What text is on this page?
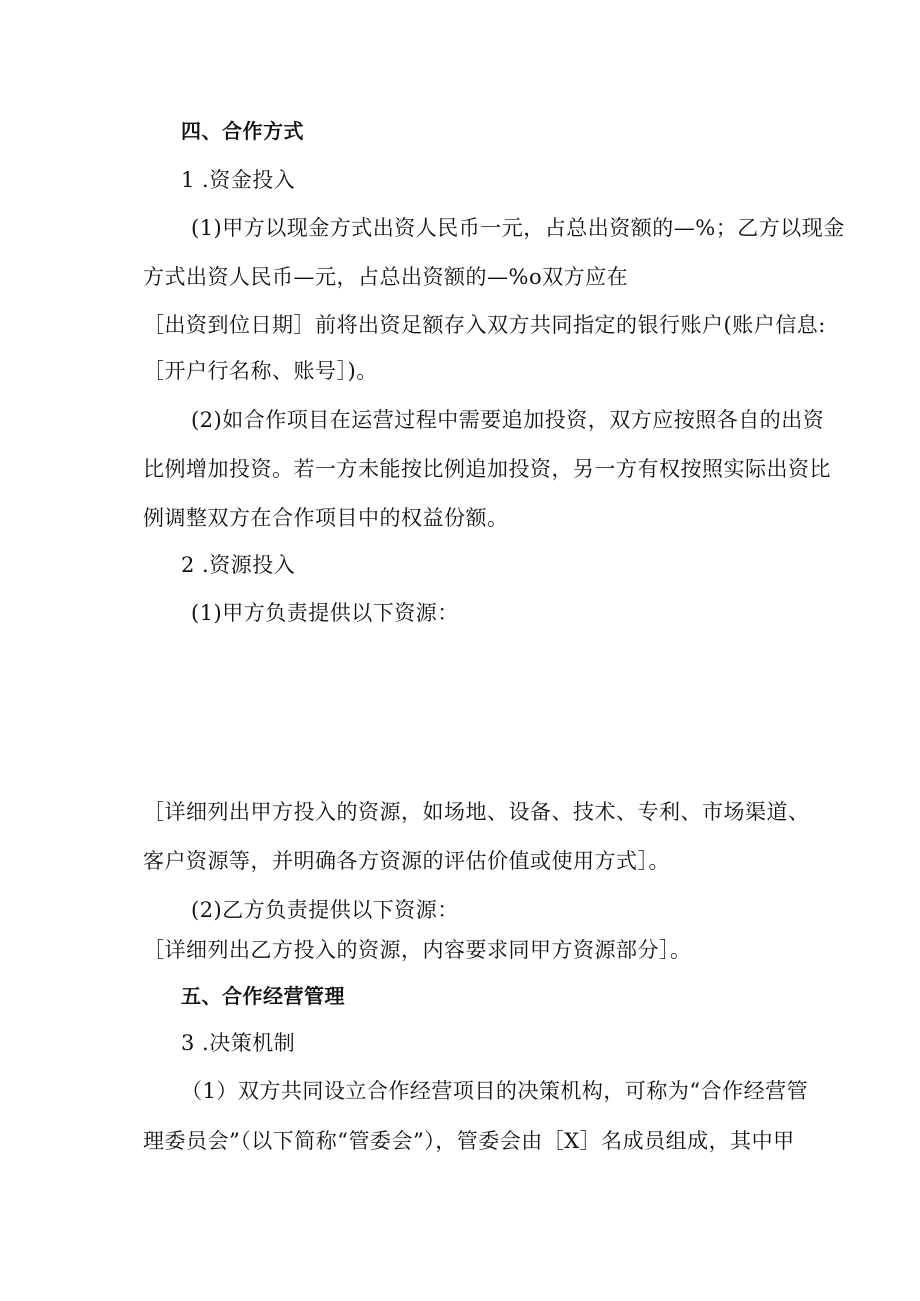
四、合作方式
1 .资金投入
(1)甲方以现金方式出资人民币一元，占总出资额的—%；乙方以现金
方式出资人民币—元，占总出资额的—%o双方应在
［出资到位日期］前将出资足额存入双方共同指定的银行账户(账户信息:
［开户行名称、账号］)。
(2)如合作项目在运营过程中需要追加投资，双方应按照各自的出资
比例增加投资。若一方未能按比例追加投资，另一方有权按照实际出资比
例调整双方在合作项目中的权益份额。
2 .资源投入
(1)甲方负责提供以下资源：
［详细列出甲方投入的资源，如场地、设备、技术、专利、市场渠道、
客户资源等，并明确各方资源的评估价值或使用方式］。
(2)乙方负责提供以下资源：
［详细列出乙方投入的资源，内容要求同甲方资源部分］。
五、合作经营管理
3 .决策机制
（1）双方共同设立合作经营项目的决策机构，可称为“合作经营管
理委员会”（以下简称“管委会”），管委会由［X］名成员组成，其中甲
